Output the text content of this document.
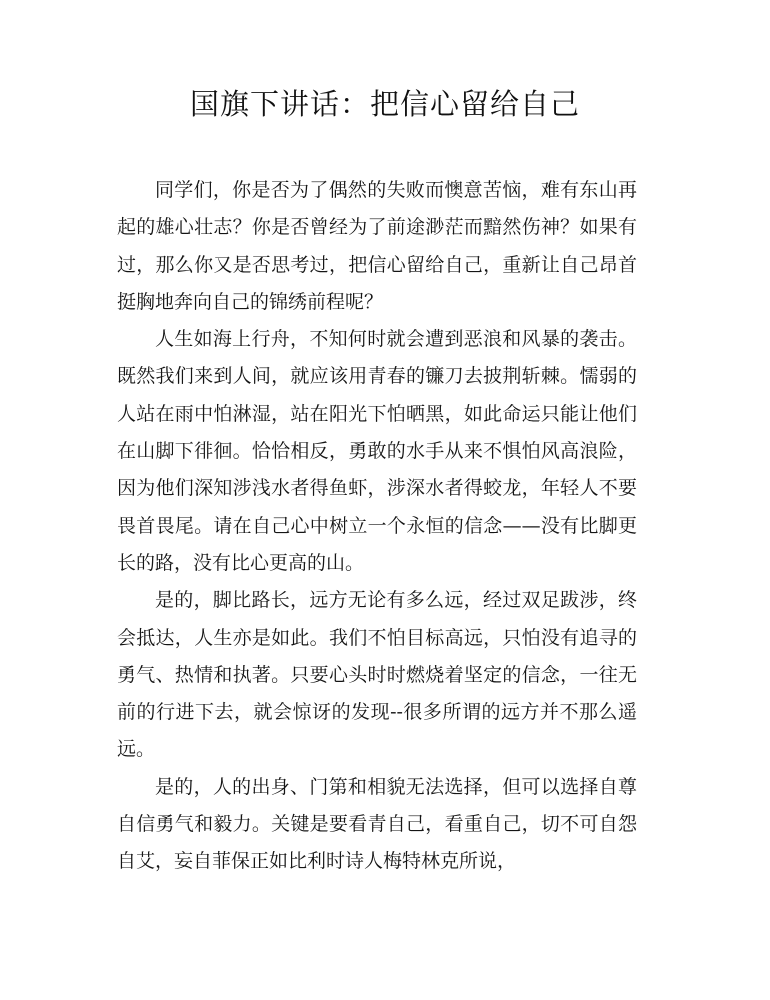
国旗下讲话：把信心留给自己

同学们，你是否为了偶然的失败而懊意苦恼，难有东山再起的雄心壮志？你是否曾经为了前途渺茫而黯然伤神？如果有过，那么你又是否思考过，把信心留给自己，重新让自己昂首挺胸地奔向自己的锦绣前程呢？

人生如海上行舟，不知何时就会遭到恶浪和风暴的袭击。既然我们来到人间，就应该用青春的镰刀去披荆斩棘。懦弱的人站在雨中怕淋湿，站在阳光下怕晒黑，如此命运只能让他们在山脚下徘徊。恰恰相反，勇敢的水手从来不惧怕风高浪险，因为他们深知涉浅水者得鱼虾，涉深水者得蛟龙，年轻人不要畏首畏尾。请在自己心中树立一个永恒的信念——没有比脚更长的路，没有比心更高的山。

是的，脚比路长，远方无论有多么远，经过双足跋涉，终会抵达，人生亦是如此。我们不怕目标高远，只怕没有追寻的勇气、热情和执著。只要心头时时燃烧着坚定的信念，一往无前的行进下去，就会惊讶的发现--很多所谓的远方并不那么遥远。

是的，人的出身、门第和相貌无法选择，但可以选择自尊自信勇气和毅力。关键是要看青自己，看重自己，切不可自怨自艾，妄自菲保正如比利时诗人梅特林克所说，
